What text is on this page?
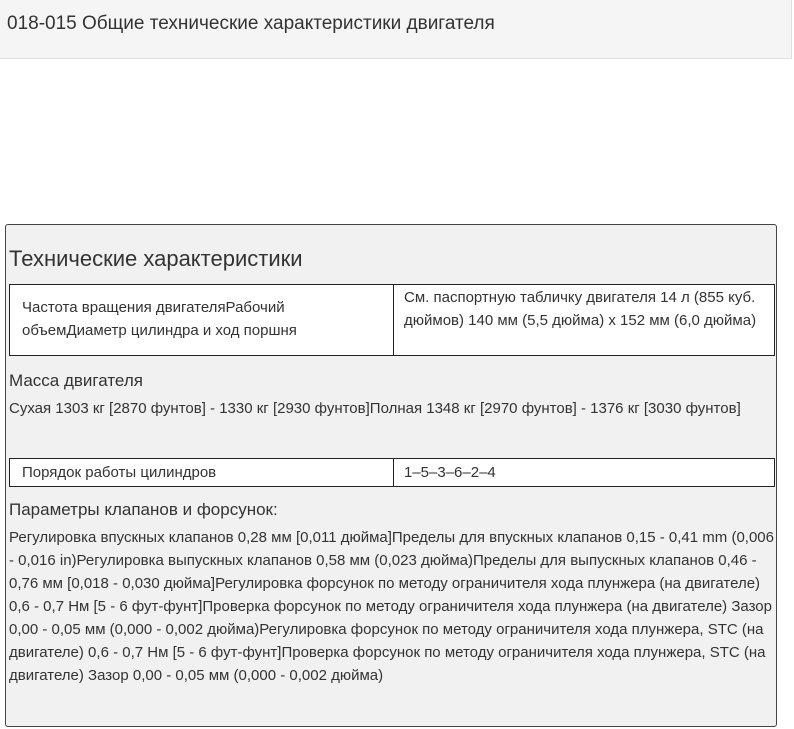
018-015 Общие технические характеристики двигателя
Технические характеристики
Частота вращения двигателяРабочий объемДиаметр цилиндра и ход поршня	См. паспортную табличку двигателя 14 л (855 куб. дюймов) 140 мм (5,5 дюйма) x 152 мм (6,0 дюйма)
Масса двигателя
Сухая 1303 кг [2870 фунтов] - 1330 кг [2930 фунтов]Полная 1348 кг [2970 фунтов] - 1376 кг [3030 фунтов]
Порядок работы цилиндров	1–5–3–6–2–4
Параметры клапанов и форсунок:
Регулировка впускных клапанов 0,28 мм [0,011 дюйма]Пределы для впускных клапанов 0,15 - 0,41 mm (0,006 - 0,016 in)Регулировка выпускных клапанов 0,58 мм (0,023 дюйма)Пределы для выпускных клапанов 0,46 - 0,76 мм [0,018 - 0,030 дюйма]Регулировка форсунок по методу ограничителя хода плунжера (на двигателе) 0,6 - 0,7 Нм [5 - 6 фут-фунт]Проверка форсунок по методу ограничителя хода плунжера (на двигателе) Зазор 0,00 - 0,05 мм (0,000 - 0,002 дюйма)Регулировка форсунок по методу ограничителя хода плунжера, STC (на двигателе) 0,6 - 0,7 Нм [5 - 6 фут-фунт]Проверка форсунок по методу ограничителя хода плунжера, STC (на двигателе) Зазор 0,00 - 0,05 мм (0,000 - 0,002 дюйма)
